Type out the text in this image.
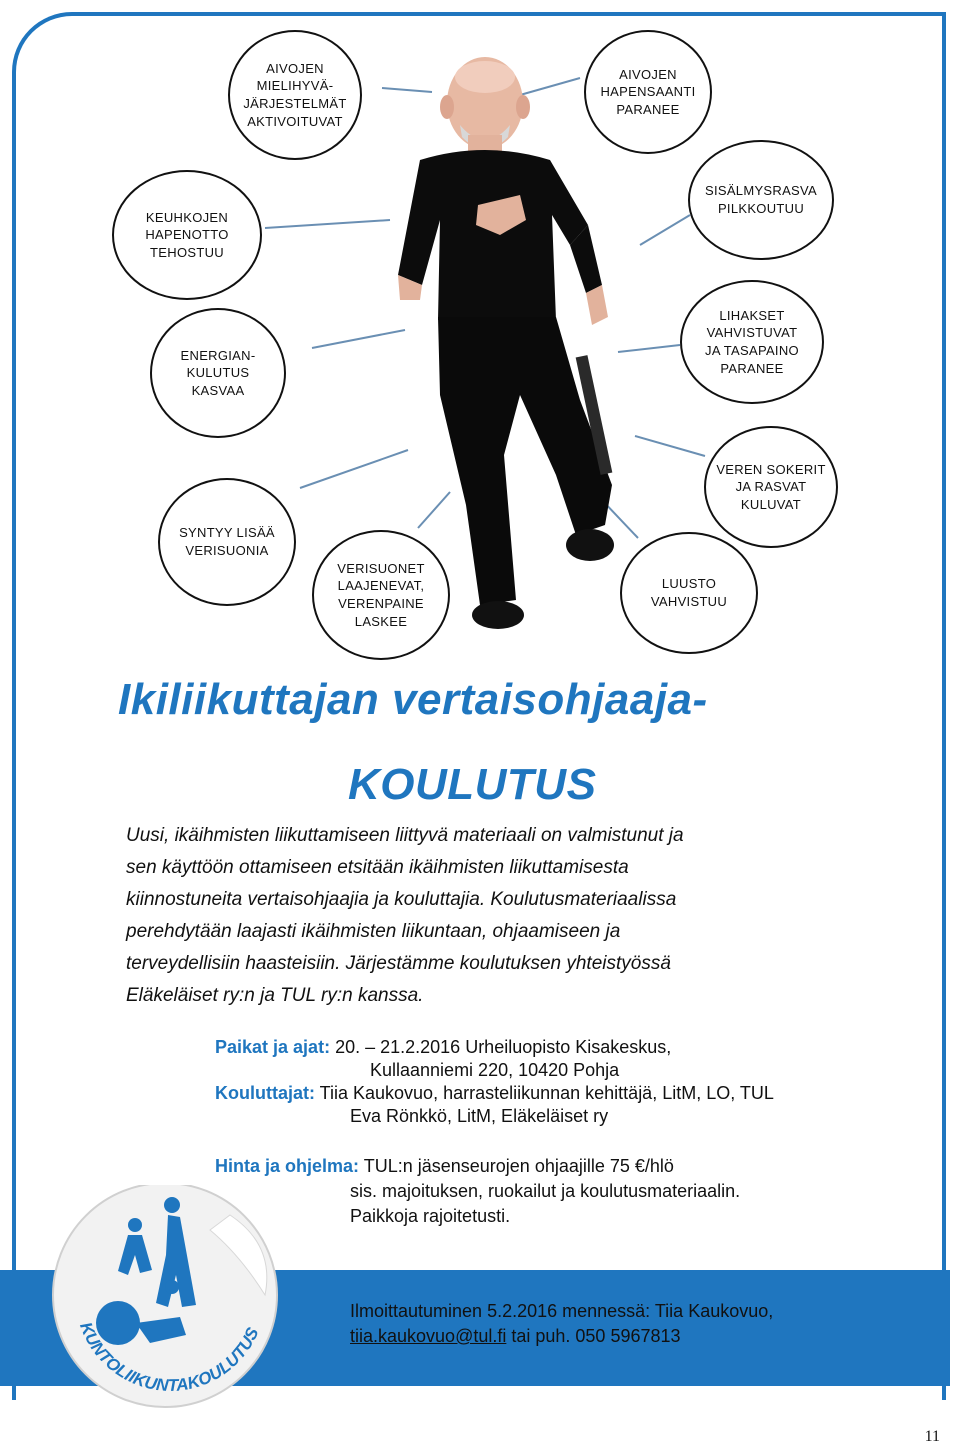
AIVOJEN
MIELIHYVÄ-
JÄRJESTELMÄT
AKTIVOITUVAT
AIVOJEN
HAPENSAANTI
PARANEE
SISÄLMYSRASVA
PILKKOUTUU
KEUHKOJEN
HAPENOTTO
TEHOSTUU
ENERGIAN-
KULUTUS
KASVAA
LIHAKSET
VAHVISTUVAT
JA TASAPAINO
PARANEE
VEREN SOKERIT
JA RASVAT
KULUVAT
SYNTYY LISÄÄ
VERISUONIA
VERISUONET
LAAJENEVAT,
VERENPAINE
LASKEE
LUUSTO
VAHVISTUU
Ikiliikuttajan vertaisohjaaja-
KOULUTUS
Uusi, ikäihmisten liikuttamiseen liittyvä materiaali on valmistunut ja
sen käyttöön ottamiseen etsitään ikäihmisten liikuttamisesta
kiinnostuneita vertaisohjaajia ja kouluttajia. Koulutusmateriaalissa
perehdytään laajasti ikäihmisten liikuntaan, ohjaamiseen ja
terveydellisiin haasteisiin. Järjestämme koulutuksen yhteistyössä
Eläkeläiset ry:n ja TUL ry:n kanssa.
Paikat ja ajat: 20. – 21.2.2016 Urheiluopisto Kisakeskus,
Kullaanniemi 220, 10420 Pohja
Kouluttajat: Tiia Kaukovuo, harrasteliikunnan kehittäjä, LitM, LO, TUL
Eva Rönkkö, LitM, Eläkeläiset ry
Hinta ja ohjelma: TUL:n jäsenseurojen ohjaajille 75 €/hlö
sis. majoituksen, ruokailut ja koulutusmateriaalin.
Paikkoja rajoitetusti.
Ilmoittautuminen 5.2.2016 mennessä: Tiia Kaukovuo,
tiia.kaukovuo@tul.fi tai puh. 050 5967813
KUNTOLIIKUNTAKOULUTUS
11
